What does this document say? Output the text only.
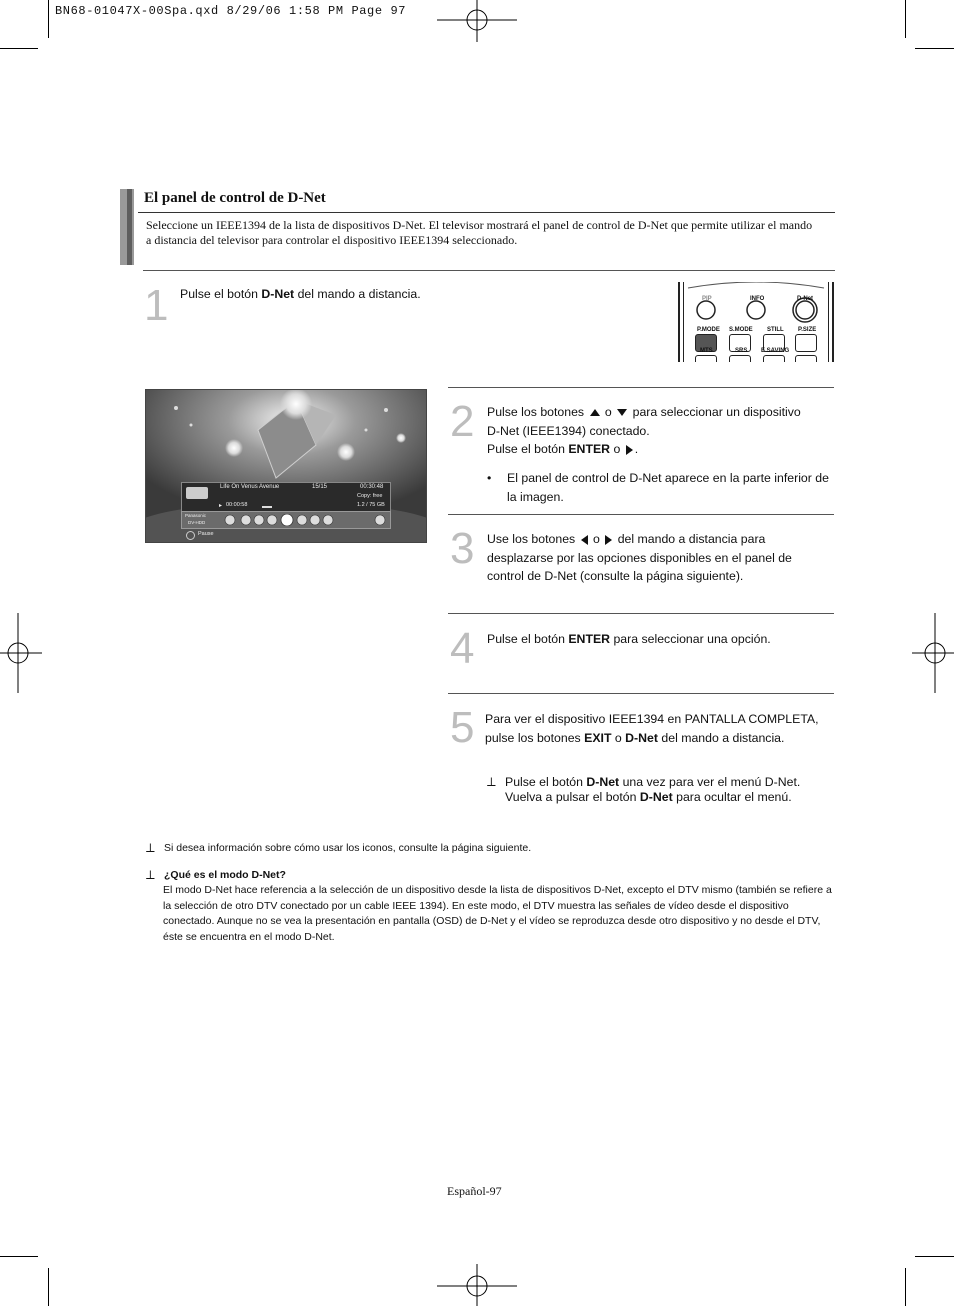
BN68-01047X-00Spa.qxd 8/29/06 1:58 PM Page 97
El panel de control de D-Net
Seleccione un IEEE1394 de la lista de dispositivos D-Net. El televisor mostrará el panel de control de D-Net que permite utilizar el mando a distancia del televisor para controlar el dispositivo IEEE1394 seleccionado.
1 Pulse el botón D-Net del mando a distancia.	PIP	INFO	D-Net
P.MODE S.MODE STILL P.SIZE
MTS	SRS E.SAVING
Life On Venus Avenue	15/15	00:30:48
Copy: free
▸ 00:00:58	1.2 / 75 GB
Panasonic
DV-HDD
Pause
2 Pulse los botones  o  para seleccionar un dispositivo
D-Net (IEEE1394) conectado.
Pulse el botón ENTER o .
• El panel de control de D-Net aparece en la parte inferior de la imagen.
3 Use los botones  o  del mando a distancia para desplazarse por las opciones disponibles en el panel de control de D-Net (consulte la página siguiente).
4 Pulse el botón ENTER para seleccionar una opción.
5 Para ver el dispositivo IEEE1394 en PANTALLA COMPLETA,
pulse los botones EXIT o D-Net del mando a distancia.
⟂ Pulse el botón D-Net una vez para ver el menú D-Net.
Vuelva a pulsar el botón D-Net para ocultar el menú.
⟂ Si desea información sobre cómo usar los iconos, consulte la página siguiente.
⟂ ¿Qué es el modo D-Net?
El modo D-Net hace referencia a la selección de un dispositivo desde la lista de dispositivos D-Net, excepto el DTV mismo (también se refiere a la selección de otro DTV conectado por un cable IEEE 1394). En este modo, el DTV muestra las señales de vídeo desde el dispositivo conectado. Aunque no se vea la presentación en pantalla (OSD) de D-Net y el vídeo se reproduzca desde otro dispositivo y no desde el DTV, éste se encuentra en el modo D-Net.
Español-97
